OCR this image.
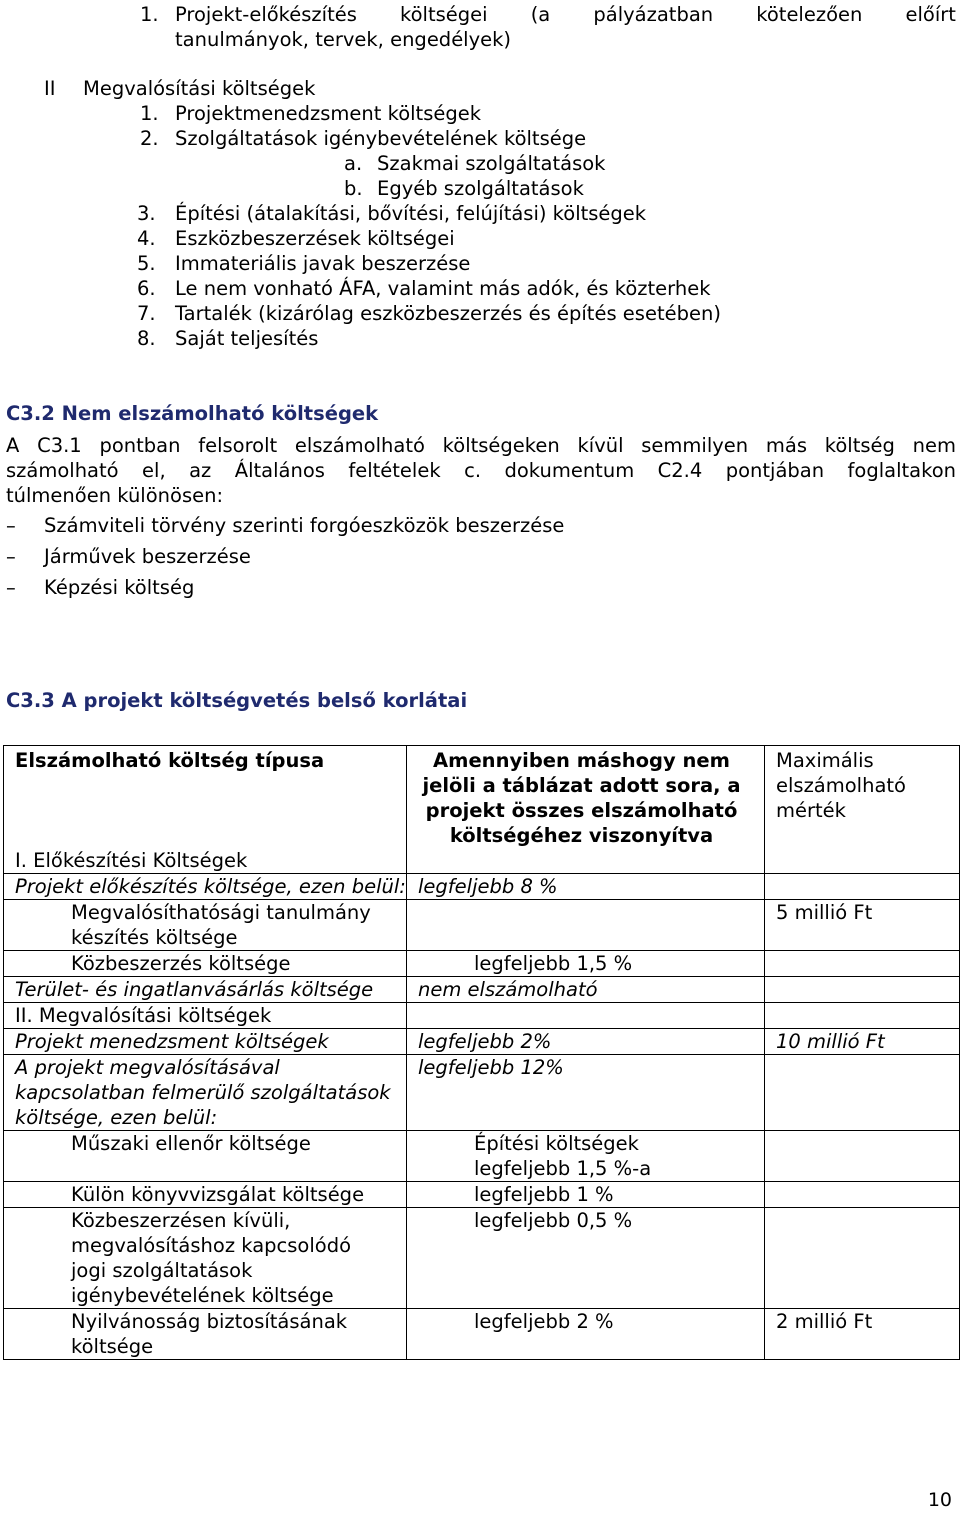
1. Projekt-előkészítés költségei (a pályázatban kötelezően előírt
tanulmányok, tervek, engedélyek)
II Megvalósítási költségek
1. Projektmenedzsment költségek
2. Szolgáltatások igénybevételének költsége
a. Szakmai szolgáltatások
b. Egyéb szolgáltatások
3. Építési (átalakítási, bővítési, felújítási) költségek
4. Eszközbeszerzések költségei
5. Immateriális javak beszerzése
6. Le nem vonható ÁFA, valamint más adók, és közterhek
7. Tartalék (kizárólag eszközbeszerzés és építés esetében)
8. Saját teljesítés
C3.2 Nem elszámolható költségek
A C3.1 pontban felsorolt elszámolható költségeken kívül semmilyen más költség nem
számolható el, az Általános feltételek c. dokumentum C2.4 pontjában foglaltakon
túlmenően különösen:
– Számviteli törvény szerinti forgóeszközök beszerzése
– Járművek beszerzése
– Képzési költség
C3.3 A projekt költségvetés belső korlátai
Elszámolható költség típusa	Amennyiben máshogy nem jelöli a táblázat adott sora, a projekt összes elszámolható költségéhez viszonyítva	Maximális elszámolható mérték
I. Előkészítési Költségek		
Projekt előkészítés költsége, ezen belül:	legfeljebb 8 %	
Megvalósíthatósági tanulmány készítés költsége		5 millió Ft
Közbeszerzés költsége	legfeljebb 1,5 %	
Terület- és ingatlanvásárlás költsége	nem elszámolható	
II. Megvalósítási költségek		
Projekt menedzsment költségek	legfeljebb 2%	10 millió Ft
A projekt megvalósításával kapcsolatban felmerülő szolgáltatások költsége, ezen belül:	legfeljebb 12%	
Műszaki ellenőr költsége	Építési költségek legfeljebb 1,5 %-a	
Külön könyvvizsgálat költsége	legfeljebb 1 %	
Közbeszerzésen kívüli, megvalósításhoz kapcsolódó jogi szolgáltatások igénybevételének költsége	legfeljebb 0,5 %	
Nyilvánosság biztosításának költsége	legfeljebb 2 %	2 millió Ft
10
